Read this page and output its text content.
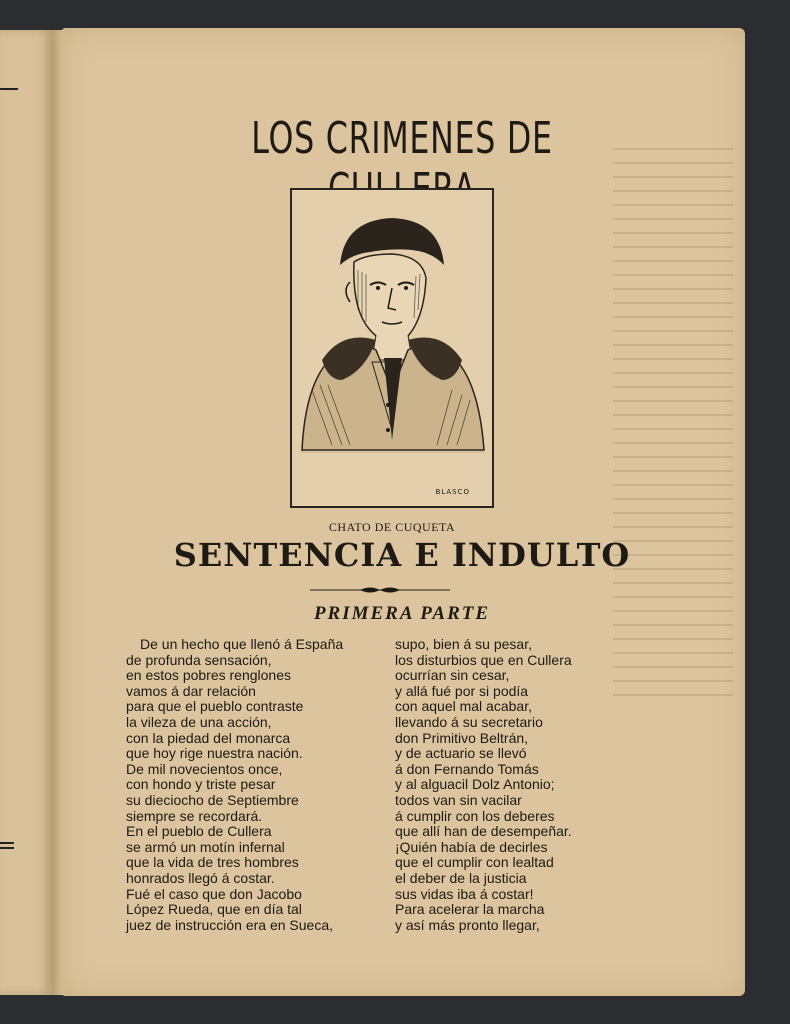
LOS CRIMENES DE
BLASCO
CHATO DE CUQUETA
SENTENCIA E INDULTO
PRIMERA PARTE
De un hecho que llenó á España
de profunda sensación,
en estos pobres renglones
vamos á dar relación
para que el pueblo contraste
la vileza de una acción,
con la piedad del monarca
que hoy rige nuestra nación.
De mil novecientos once,
con hondo y triste pesar
su dieciocho de Septiembre
siempre se recordará.
En el pueblo de Cullera
se armó un motín infernal
que la vida de tres hombres
honrados llegó á costar.
Fué el caso que don Jacobo
López Rueda, que en día tal
juez de instrucción era en Sueca,
supo, bien á su pesar,
los disturbios que en Cullera
ocurrían sin cesar,
y allá fué por si podía
con aquel mal acabar,
llevando á su secretario
don Primitivo Beltrán,
y de actuario se llevó
á don Fernando Tomás
y al alguacil Dolz Antonio;
todos van sin vacilar
á cumplir con los deberes
que allí han de desempeñar.
¡Quién había de decirles
que el cumplir con lealtad
el deber de la justicia
sus vidas iba á costar!
Para acelerar la marcha
y así más pronto llegar,
